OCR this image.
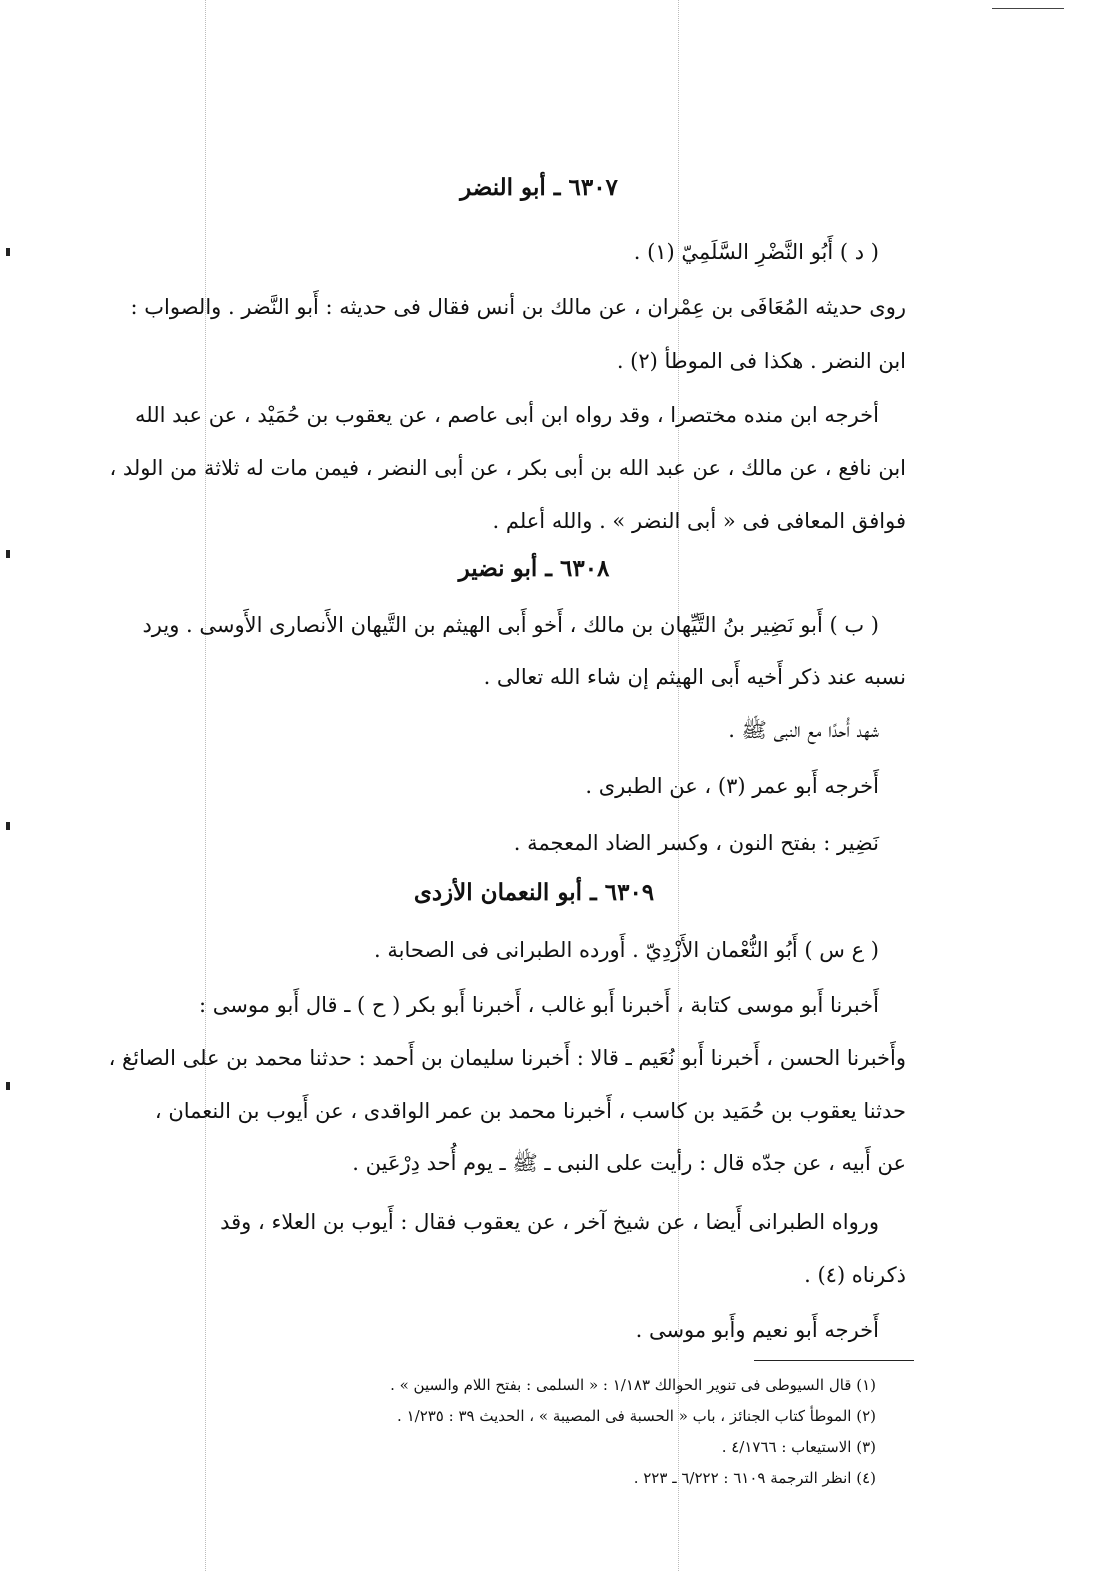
٦٣٠٧ ـ أبو النضر
( د ) أَبُو النَّضْرِ السَّلَمِيّ (١) .
روى حديثه المُعَافَى بن عِمْران ، عن مالك بن أنس فقال فى حديثه : أَبو النَّضر . والصواب :
ابن النضر . هكذا فى الموطأ (٢) .
أخرجه ابن منده مختصرا ، وقد رواه ابن أبى عاصم ، عن يعقوب بن حُمَيْد ، عن عبد الله
ابن نافع ، عن مالك ، عن عبد الله بن أبى بكر ، عن أبى النضر ، فيمن مات له ثلاثة من الولد ،
فوافق المعافى فى « أبى النضر » . والله أعلم .
٦٣٠٨ ـ أبو نضير
( ب ) أَبو نَضِير بنُ التَّيِّهان بن مالك ، أَخو أَبى الهيثم بن التَّيهان الأَنصارى الأَوسى . ويرد
نسبه عند ذكر أَخيه أَبى الهيثم إن شاء الله تعالى .
شهد أُحدًا مع النبى ﷺ .
أَخرجه أَبو عمر (٣) ، عن الطبرى .
نَضِير : بفتح النون ، وكسر الضاد المعجمة .
٦٣٠٩ ـ أبو النعمان الأزدى
( ع س ) أَبُو النُّعْمان الأَزْدِيّ . أَورده الطبرانى فى الصحابة .
أَخبرنا أَبو موسى كتابة ، أَخبرنا أَبو غالب ، أَخبرنا أَبو بكر ( ح ) ـ قال أَبو موسى :
وأَخبرنا الحسن ، أَخبرنا أَبو نُعَيم ـ قالا : أَخبرنا سليمان بن أَحمد : حدثنا محمد بن على الصائغ ،
حدثنا يعقوب بن حُمَيد بن كاسب ، أَخبرنا محمد بن عمر الواقدى ، عن أَيوب بن النعمان ،
عن أَبيه ، عن جدّه قال : رأيت على النبى ـ ﷺ ـ يوم أُحد دِرْعَين .
ورواه الطبرانى أَيضا ، عن شيخ آخر ، عن يعقوب فقال : أَيوب بن العلاء ، وقد
ذكرناه (٤) .
أَخرجه أَبو نعيم وأَبو موسى .
(١) قال السيوطى فى تنوير الحوالك ١/١٨٣ : « السلمى : بفتح اللام والسين » .
(٢) الموطأ كتاب الجنائز ، باب « الحسبة فى المصيبة » ، الحديث ٣٩ : ١/٢٣٥ .
(٣) الاستيعاب : ٤/١٧٦٦ .
(٤) انظر الترجمة ٦١٠٩ : ٦/٢٢٢ ـ ٢٢٣ .
